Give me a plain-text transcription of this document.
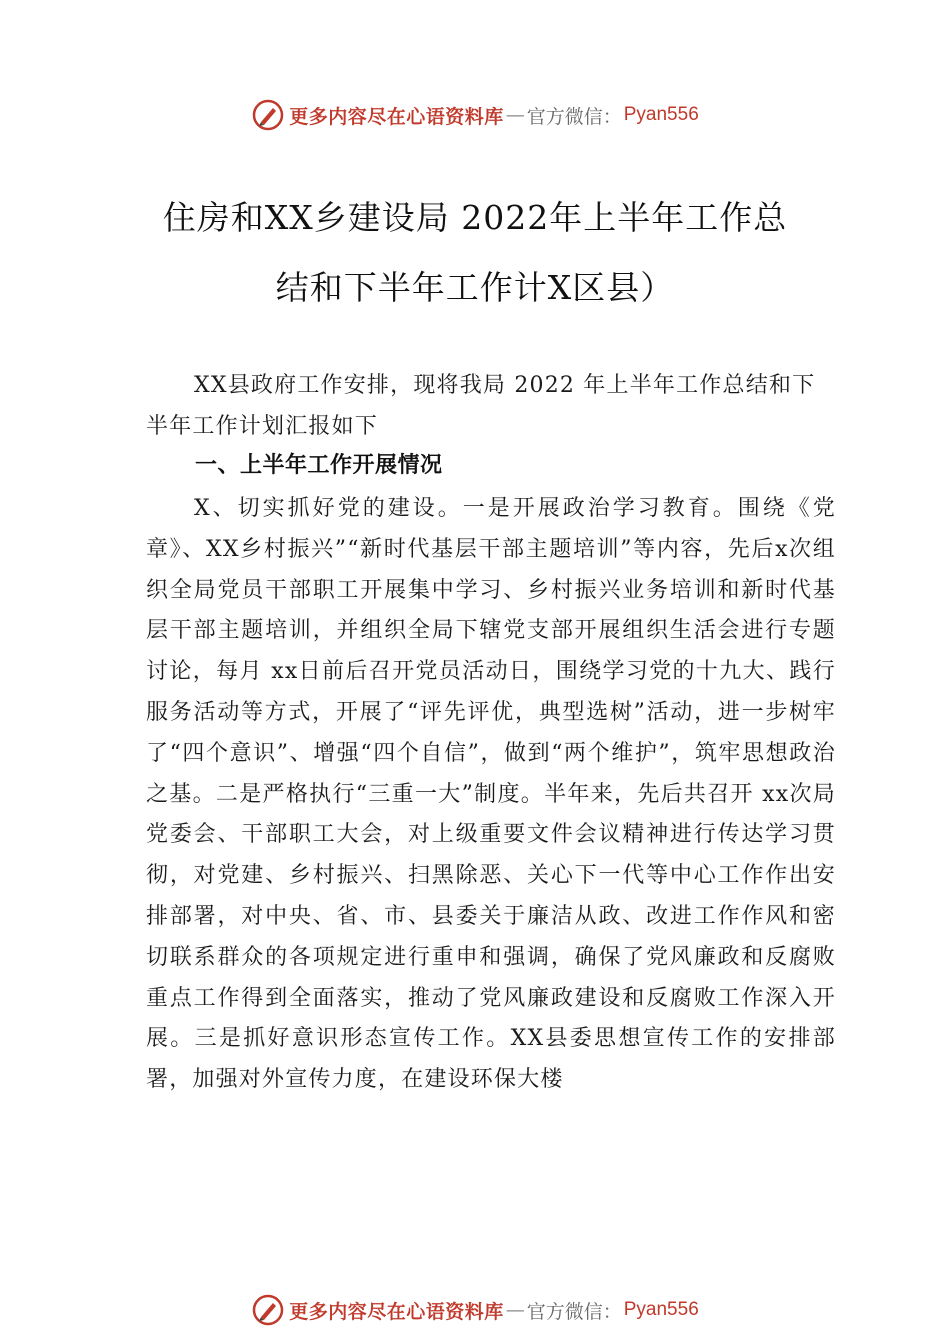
更多内容尽在心语资料库 — 官方微信： Pyan556
住房和XX乡建设局 2022年上半年工作总
结和下半年工作计X区县）
XX县政府工作安排，现将我局 2022 年上半年工作总结和下半年工作计划汇报如下
一、上半年工作开展情况
X、切实抓好党的建设。一是开展政治学习教育。围绕《党章》、XX乡村振兴”“新时代基层干部主题培训”等内容，先后x次组织全局党员干部职工开展集中学习、乡村振兴业务培训和新时代基层干部主题培训，并组织全局下辖党支部开展组织生活会进行专题讨论，每月 xx日前后召开党员活动日，围绕学习党的十九大、践行服务活动等方式，开展了“评先评优，典型选树”活动，进一步树牢了“四个意识”、增强“四个自信”，做到“两个维护”，筑牢思想政治之基。二是严格执行“三重一大”制度。半年来，先后共召开 xx次局党委会、干部职工大会，对上级重要文件会议精神进行传达学习贯彻，对党建、乡村振兴、扫黑除恶、关心下一代等中心工作作出安排部署，对中央、省、市、县委关于廉洁从政、改进工作作风和密切联系群众的各项规定进行重申和强调，确保了党风廉政和反腐败重点工作得到全面落实，推动了党风廉政建设和反腐败工作深入开展。三是抓好意识形态宣传工作。XX县委思想宣传工作的安排部署，加强对外宣传力度，在建设环保大楼
更多内容尽在心语资料库 — 官方微信： Pyan556
